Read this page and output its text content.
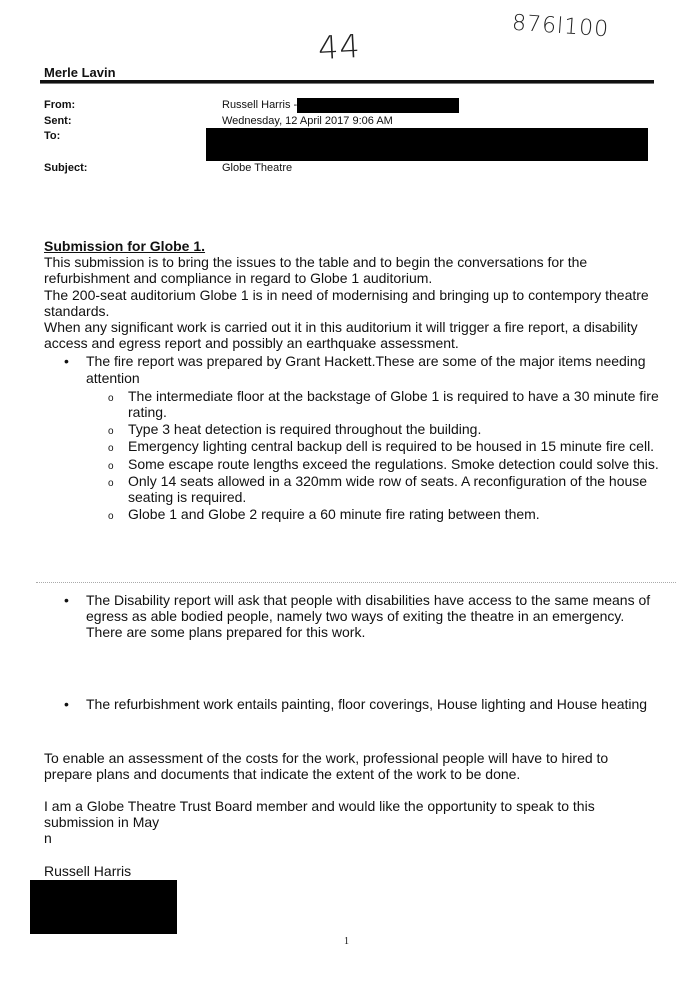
44
876l100
Merle Lavin
From:	Russell Harris -
Sent:	Wednesday, 12 April 2017 9:06 AM
To:
Subject:	Globe Theatre

Submission for Globe 1.

This submission is to bring the issues to the table and to begin the conversations for the refurbishment and compliance in regard to Globe 1 auditorium.

The 200-seat auditorium Globe 1 is in need of modernising and bringing up to contempory theatre standards.

When any significant work is carried out it in this auditorium it will trigger a fire report, a disability access and egress report and possibly an earthquake assessment.

• The fire report was prepared by Grant Hackett.These are some of the major items needing attention
o The intermediate floor at the backstage of Globe 1 is required to have a 30 minute fire rating.
o Type 3 heat detection is required throughout the building.
o Emergency lighting central backup dell is required to be housed in 15 minute fire cell.
o Some escape route lengths exceed the regulations. Smoke detection could solve this.
o Only 14 seats allowed in a 320mm wide row of seats. A reconfiguration of the house seating is required.
o Globe 1 and Globe 2 require a 60 minute fire rating between them.
• The Disability report will ask that people with disabilities have access to the same means of egress as able bodied people, namely two ways of exiting the theatre in an emergency. There are some plans prepared for this work.
• The refurbishment work entails painting, floor coverings, House lighting and House heating
To enable an assessment of the costs for the work, professional people will have to hired to prepare plans and documents that indicate the extent of the work to be done.
I am a Globe Theatre Trust Board member and would like the opportunity to speak to this submission in May
n
Russell Harris
1
